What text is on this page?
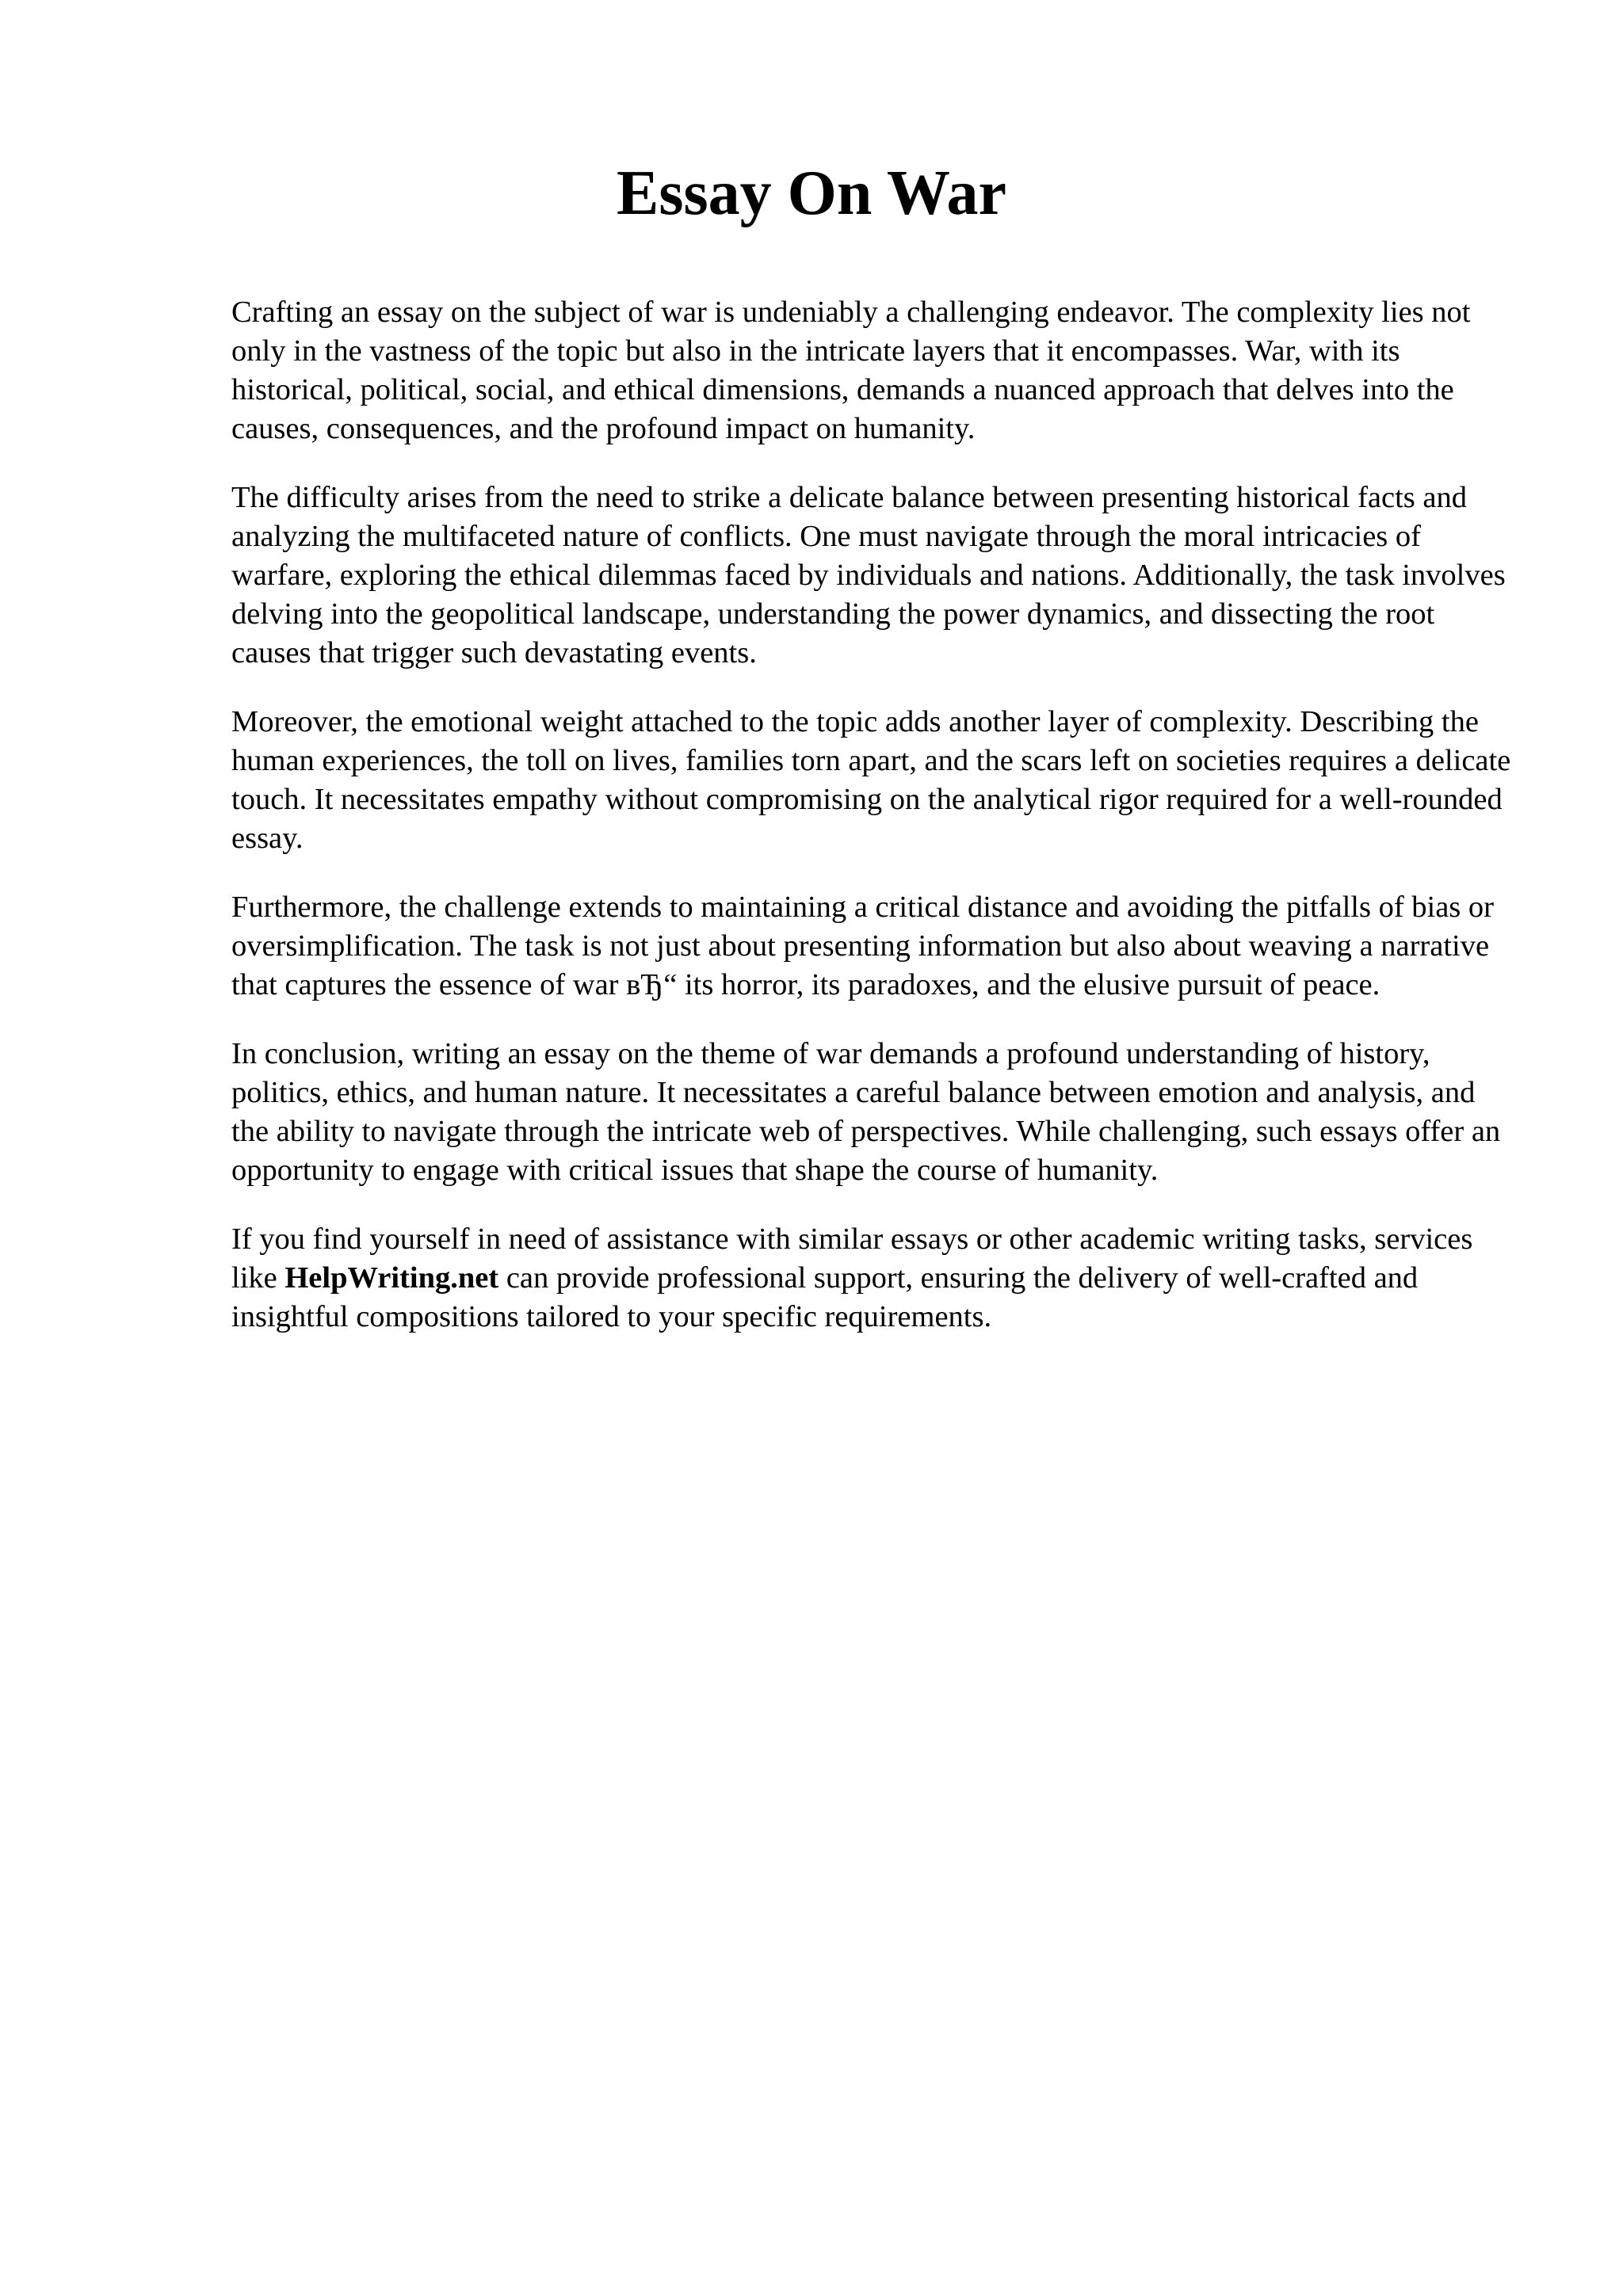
Essay On War

Crafting an essay on the subject of war is undeniably a challenging endeavor. The complexity lies not only in the vastness of the topic but also in the intricate layers that it encompasses. War, with its historical, political, social, and ethical dimensions, demands a nuanced approach that delves into the causes, consequences, and the profound impact on humanity.

The difficulty arises from the need to strike a delicate balance between presenting historical facts and analyzing the multifaceted nature of conflicts. One must navigate through the moral intricacies of warfare, exploring the ethical dilemmas faced by individuals and nations. Additionally, the task involves delving into the geopolitical landscape, understanding the power dynamics, and dissecting the root causes that trigger such devastating events.

Moreover, the emotional weight attached to the topic adds another layer of complexity. Describing the human experiences, the toll on lives, families torn apart, and the scars left on societies requires a delicate touch. It necessitates empathy without compromising on the analytical rigor required for a well-rounded essay.

Furthermore, the challenge extends to maintaining a critical distance and avoiding the pitfalls of bias or oversimplification. The task is not just about presenting information but also about weaving a narrative that captures the essence of war вЂ“ its horror, its paradoxes, and the elusive pursuit of peace.

In conclusion, writing an essay on the theme of war demands a profound understanding of history, politics, ethics, and human nature. It necessitates a careful balance between emotion and analysis, and the ability to navigate through the intricate web of perspectives. While challenging, such essays offer an opportunity to engage with critical issues that shape the course of humanity.

If you find yourself in need of assistance with similar essays or other academic writing tasks, services like HelpWriting.net can provide professional support, ensuring the delivery of well-crafted and insightful compositions tailored to your specific requirements.
